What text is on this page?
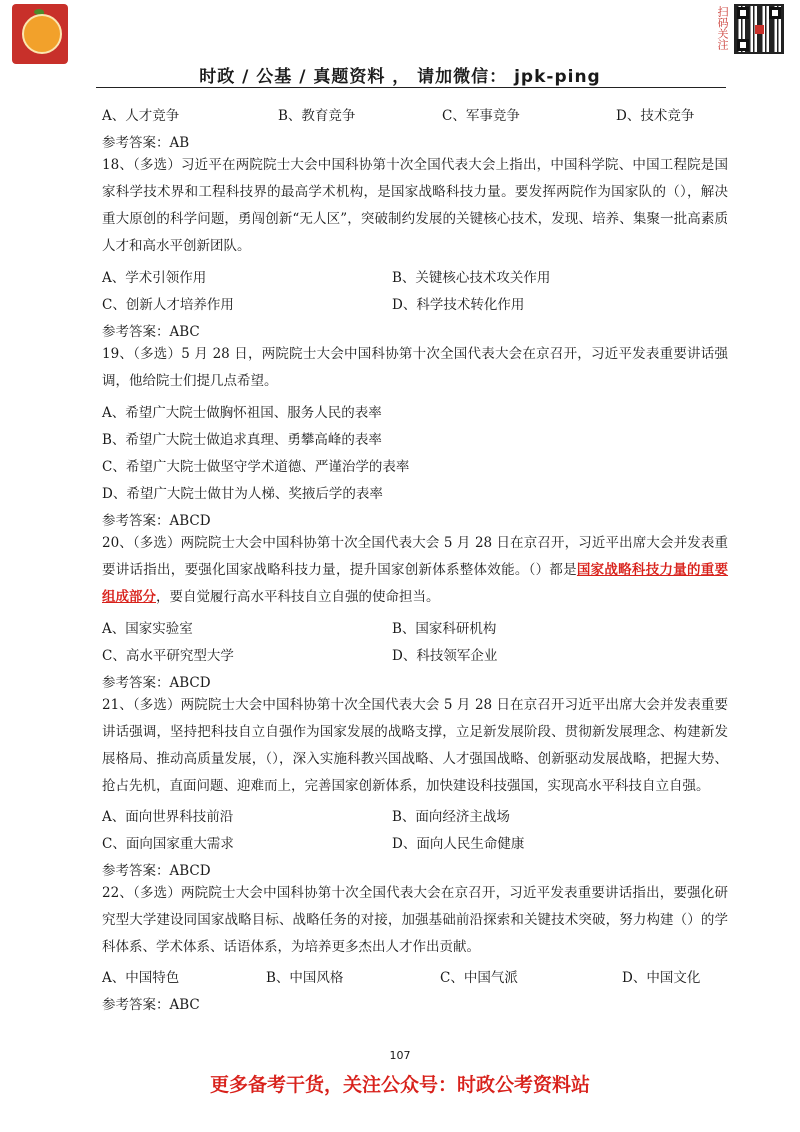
扫码关注
时政 / 公基 / 真题资料 ， 请加微信： jpk-ping

A、人才竞争	B、教育竞争	C、军事竞争	D、技术竞争
参考答案：AB
18、（多选）习近平在两院院士大会中国科协第十次全国代表大会上指出，中国科学院、中国工程院是国家科学技术界和工程科技界的最高学术机构，是国家战略科技力量。要发挥两院作为国家队的（），解决重大原创的科学问题，勇闯创新“无人区”，突破制约发展的关键核心技术，发现、培养、集聚一批高素质人才和高水平创新团队。
A、学术引领作用	B、关键核心技术攻关作用
C、创新人才培养作用	D、科学技术转化作用
参考答案：ABC
19、（多选）5 月 28 日，两院院士大会中国科协第十次全国代表大会在京召开，习近平发表重要讲话强调，他给院士们提几点希望。
A、希望广大院士做胸怀祖国、服务人民的表率
B、希望广大院士做追求真理、勇攀高峰的表率
C、希望广大院士做坚守学术道德、严谨治学的表率
D、希望广大院士做甘为人梯、奖掖后学的表率
参考答案：ABCD
20、（多选）两院院士大会中国科协第十次全国代表大会 5 月 28 日在京召开，习近平出席大会并发表重要讲话指出，要强化国家战略科技力量，提升国家创新体系整体效能。（）都是国家战略科技力量的重要组成部分，要自觉履行高水平科技自立自强的使命担当。
A、国家实验室	B、国家科研机构
C、高水平研究型大学	D、科技领军企业
参考答案：ABCD
21、（多选）两院院士大会中国科协第十次全国代表大会 5 月 28 日在京召开习近平出席大会并发表重要讲话强调，坚持把科技自立自强作为国家发展的战略支撑，立足新发展阶段、贯彻新发展理念、构建新发展格局、推动高质量发展，（），深入实施科教兴国战略、人才强国战略、创新驱动发展战略，把握大势、抢占先机，直面问题、迎难而上，完善国家创新体系，加快建设科技强国，实现高水平科技自立自强。
A、面向世界科技前沿	B、面向经济主战场
C、面向国家重大需求	D、面向人民生命健康
参考答案：ABCD
22、（多选）两院院士大会中国科协第十次全国代表大会在京召开，习近平发表重要讲话指出，要强化研究型大学建设同国家战略目标、战略任务的对接，加强基础前沿探索和关键技术突破，努力构建（）的学科体系、学术体系、话语体系，为培养更多杰出人才作出贡献。
A、中国特色	B、中国风格	C、中国气派	D、中国文化
参考答案：ABC
107
更多备考干货，关注公众号：时政公考资料站
